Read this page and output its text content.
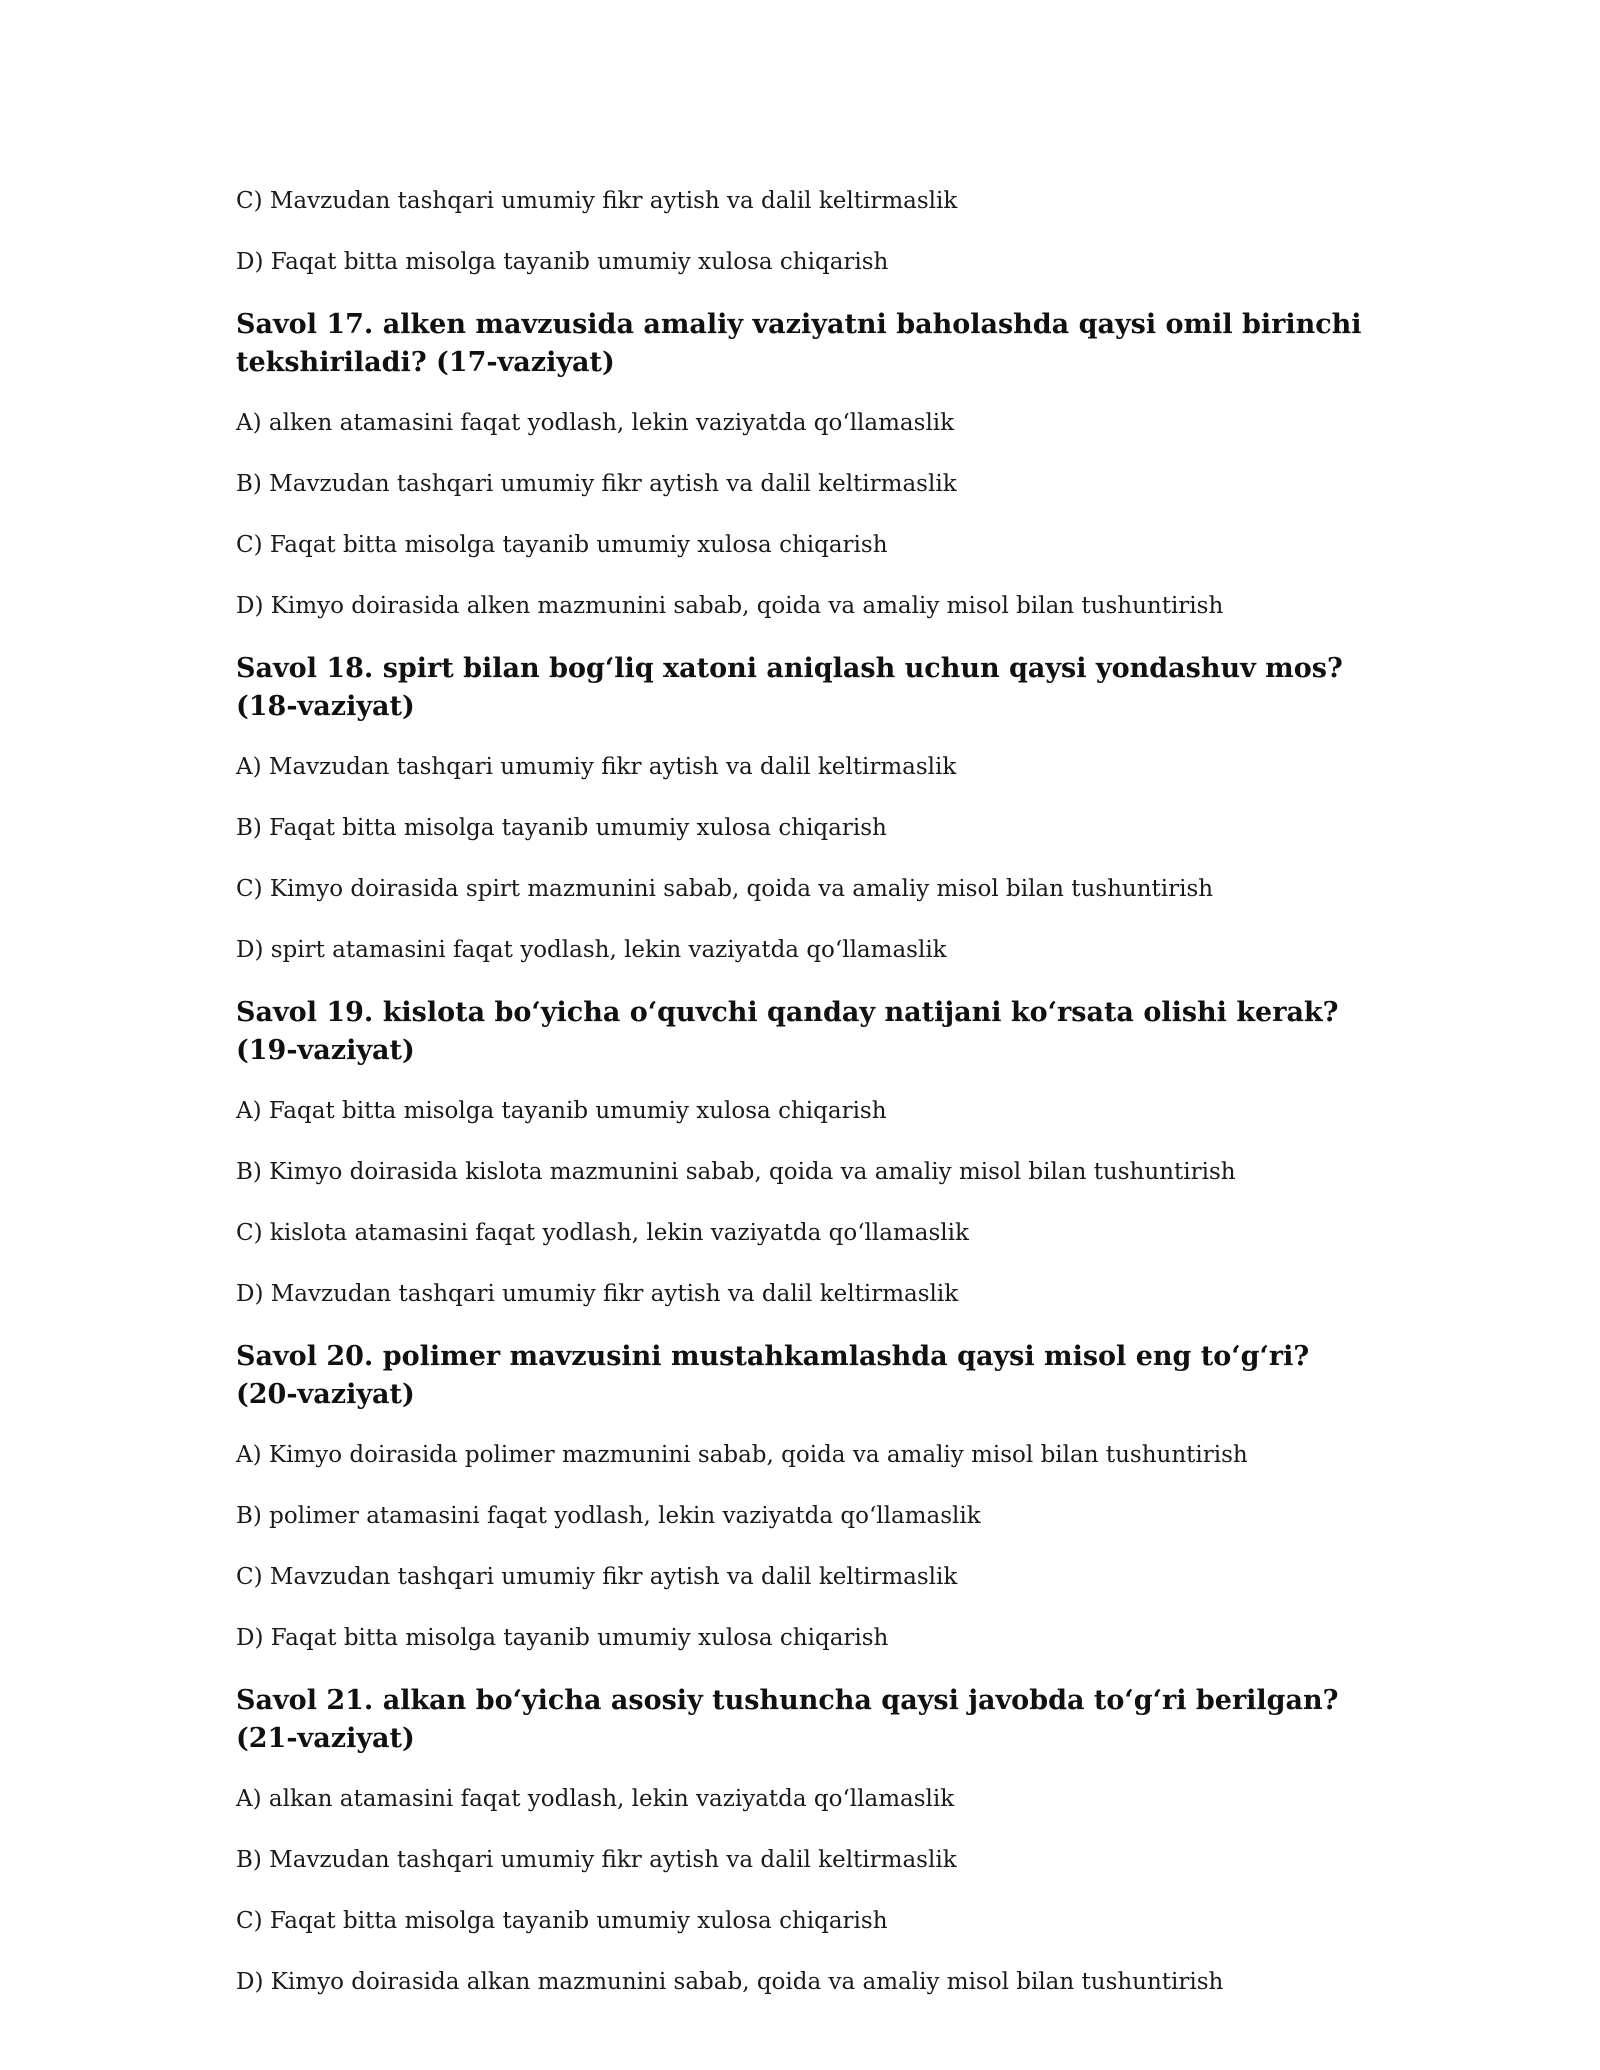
C) Mavzudan tashqari umumiy fikr aytish va dalil keltirmaslik

D) Faqat bitta misolga tayanib umumiy xulosa chiqarish

Savol 17. alken mavzusida amaliy vaziyatni baholashda qaysi omil birinchi tekshiriladi? (17-vaziyat)

A) alken atamasini faqat yodlash, lekin vaziyatda qo‘llamaslik

B) Mavzudan tashqari umumiy fikr aytish va dalil keltirmaslik

C) Faqat bitta misolga tayanib umumiy xulosa chiqarish

D) Kimyo doirasida alken mazmunini sabab, qoida va amaliy misol bilan tushuntirish

Savol 18. spirt bilan bog‘liq xatoni aniqlash uchun qaysi yondashuv mos? (18-vaziyat)

A) Mavzudan tashqari umumiy fikr aytish va dalil keltirmaslik

B) Faqat bitta misolga tayanib umumiy xulosa chiqarish

C) Kimyo doirasida spirt mazmunini sabab, qoida va amaliy misol bilan tushuntirish

D) spirt atamasini faqat yodlash, lekin vaziyatda qo‘llamaslik

Savol 19. kislota bo‘yicha o‘quvchi qanday natijani ko‘rsata olishi kerak? (19-vaziyat)

A) Faqat bitta misolga tayanib umumiy xulosa chiqarish

B) Kimyo doirasida kislota mazmunini sabab, qoida va amaliy misol bilan tushuntirish

C) kislota atamasini faqat yodlash, lekin vaziyatda qo‘llamaslik

D) Mavzudan tashqari umumiy fikr aytish va dalil keltirmaslik

Savol 20. polimer mavzusini mustahkamlashda qaysi misol eng to‘g‘ri? (20-vaziyat)

A) Kimyo doirasida polimer mazmunini sabab, qoida va amaliy misol bilan tushuntirish

B) polimer atamasini faqat yodlash, lekin vaziyatda qo‘llamaslik

C) Mavzudan tashqari umumiy fikr aytish va dalil keltirmaslik

D) Faqat bitta misolga tayanib umumiy xulosa chiqarish

Savol 21. alkan bo‘yicha asosiy tushuncha qaysi javobda to‘g‘ri berilgan? (21-vaziyat)

A) alkan atamasini faqat yodlash, lekin vaziyatda qo‘llamaslik

B) Mavzudan tashqari umumiy fikr aytish va dalil keltirmaslik

C) Faqat bitta misolga tayanib umumiy xulosa chiqarish

D) Kimyo doirasida alkan mazmunini sabab, qoida va amaliy misol bilan tushuntirish
